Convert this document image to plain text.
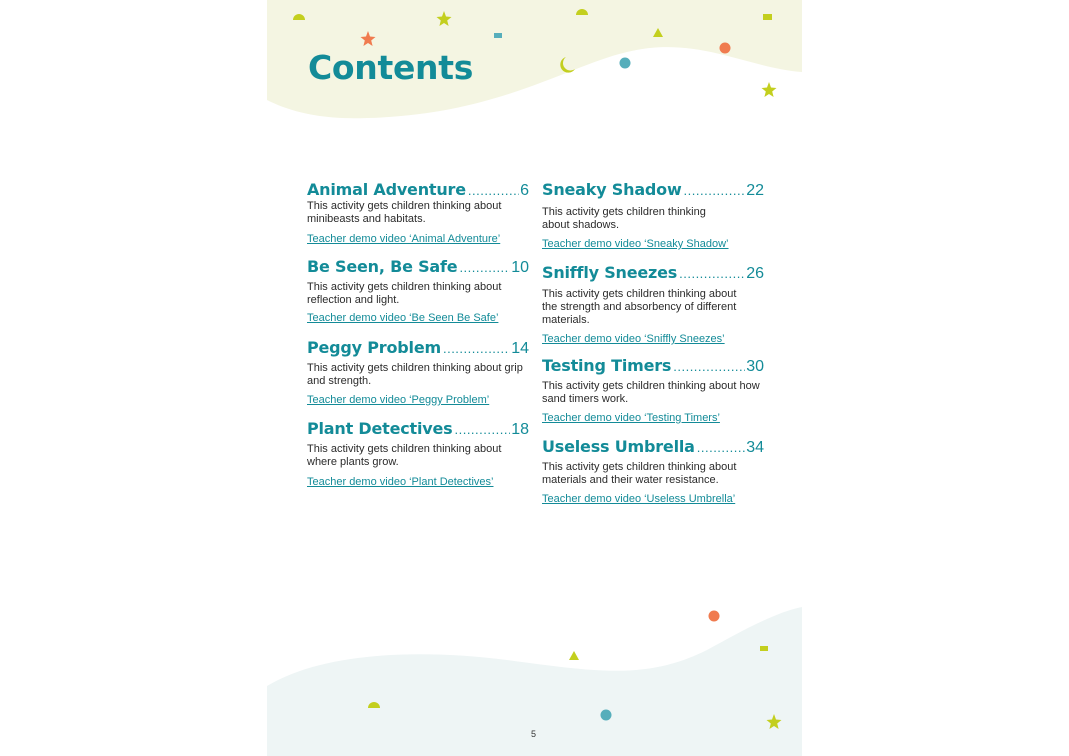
Contents
Animal Adventure .....	6

This activity gets children thinking about minibeasts and habitats.

Teacher demo video ‘Animal Adventure’
Be Seen, Be Safe .....	10

This activity gets children thinking about reflection and light.

Teacher demo video ‘Be Seen Be Safe’
Peggy Problem .....	14

This activity gets children thinking about grip and strength.

Teacher demo video ‘Peggy Problem’
Plant Detectives .....	18

This activity gets children thinking about where plants grow.

Teacher demo video ‘Plant Detectives’
Sneaky Shadow .....	22

This activity gets children thinking about shadows.

Teacher demo video ‘Sneaky Shadow’
Sniffly Sneezes .....	26

This activity gets children thinking about the strength and absorbency of different materials.

Teacher demo video ‘Sniffly Sneezes’
Testing Timers .....	30

This activity gets children thinking about how sand timers work.

Teacher demo video ‘Testing Timers’
Useless Umbrella .....	34

This activity gets children thinking about materials and their water resistance.

Teacher demo video ‘Useless Umbrella’
5
